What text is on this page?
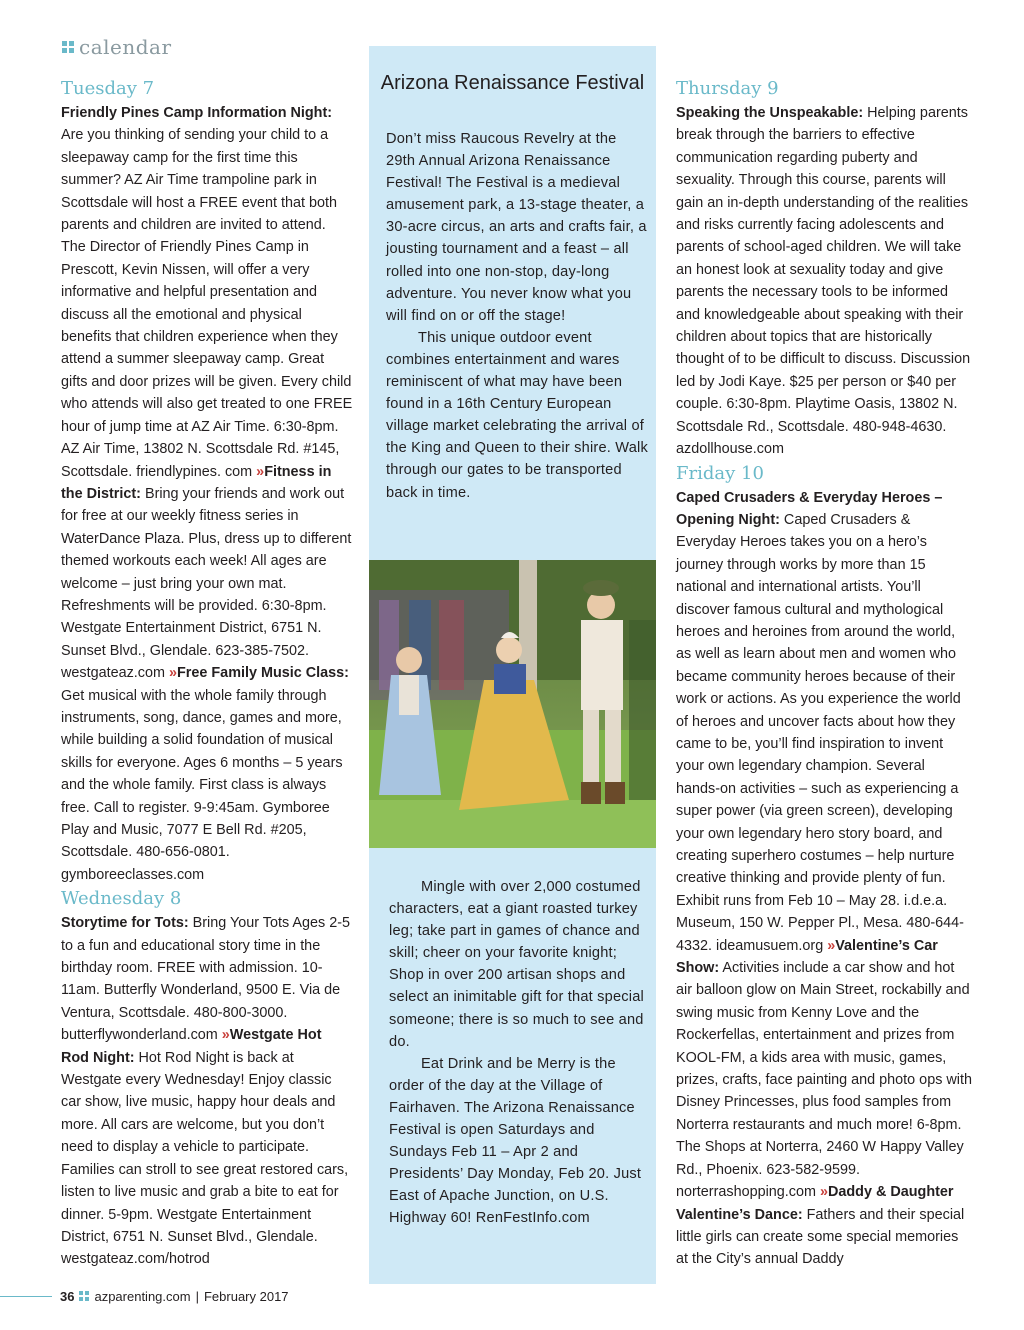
calendar
Tuesday 7

Friendly Pines Camp Information Night: Are you thinking of sending your child to a sleepaway camp for the first time this summer? AZ Air Time trampoline park in Scottsdale will host a FREE event that both parents and children are invited to attend. The Director of Friendly Pines Camp in Prescott, Kevin Nissen, will offer a very informative and helpful presentation and discuss all the emotional and physical benefits that children experience when they attend a summer sleepaway camp. Great gifts and door prizes will be given. Every child who attends will also get treated to one FREE hour of jump time at AZ Air Time. 6:30-8pm. AZ Air Time, 13802 N. Scottsdale Rd. #145, Scottsdale. friendlypines. com »Fitness in the District: Bring your friends and work out for free at our weekly fitness series in WaterDance Plaza. Plus, dress up to different themed workouts each week! All ages are welcome – just bring your own mat. Refreshments will be provided. 6:30-8pm. Westgate Entertainment District, 6751 N. Sunset Blvd., Glendale. 623-385-7502. westgateaz.com »Free Family Music Class: Get musical with the whole family through instruments, song, dance, games and more, while building a solid foundation of musical skills for everyone. Ages 6 months – 5 years and the whole family. First class is always free. Call to register. 9-9:45am. Gymboree Play and Music, 7077 E Bell Rd. #205, Scottsdale. 480-656-0801. gymboreeclasses.com

Wednesday 8

Storytime for Tots: Bring Your Tots Ages 2-5 to a fun and educational story time in the birthday room. FREE with admission. 10-11am. Butterfly Wonderland, 9500 E. Via de Ventura, Scottsdale. 480-800-3000. butterflywonderland.com »Westgate Hot Rod Night: Hot Rod Night is back at Westgate every Wednesday! Enjoy classic car show, live music, happy hour deals and more. All cars are welcome, but you don’t need to display a vehicle to participate. Families can stroll to see great restored cars, listen to live music and grab a bite to eat for dinner. 5-9pm. Westgate Entertainment District, 6751 N. Sunset Blvd., Glendale. westgateaz.com/hotrod

Arizona Renaissance Festival

Don’t miss Raucous Revelry at the 29th Annual Arizona Renaissance Festival! The Festival is a medieval amusement park, a 13-stage theater, a 30-acre circus, an arts and crafts fair, a jousting tournament and a feast – all rolled into one non-stop, day-long adventure. You never know what you will find on or off the stage!

This unique outdoor event combines entertainment and wares reminiscent of what may have been found in a 16th Century European village market celebrating the arrival of the King and Queen to their shire. Walk through our gates to be transported back in time.

Mingle with over 2,000 costumed characters, eat a giant roasted turkey leg; take part in games of chance and skill; cheer on your favorite knight; Shop in over 200 artisan shops and select an inimitable gift for that special someone; there is so much to see and do.

Eat Drink and be Merry is the order of the day at the Village of Fairhaven. The Arizona Renaissance Festival is open Saturdays and Sundays Feb 11 – Apr 2 and Presidents’ Day Monday, Feb 20. Just East of Apache Junction, on U.S. Highway 60! RenFestInfo.com

Thursday 9

Speaking the Unspeakable: Helping parents break through the barriers to effective communication regarding puberty and sexuality. Through this course, parents will gain an in-depth understanding of the realities and risks currently facing adolescents and parents of school-aged children. We will take an honest look at sexuality today and give parents the necessary tools to be informed and knowledgeable about speaking with their children about topics that are historically thought of to be difficult to discuss. Discussion led by Jodi Kaye. $25 per person or $40 per couple. 6:30-8pm. Playtime Oasis, 13802 N. Scottsdale Rd., Scottsdale. 480-948-4630. azdollhouse.com

Friday 10

Caped Crusaders & Everyday Heroes – Opening Night: Caped Crusaders & Everyday Heroes takes you on a hero’s journey through works by more than 15 national and international artists. You’ll discover famous cultural and mythological heroes and heroines from around the world, as well as learn about men and women who became community heroes because of their work or actions. As you experience the world of heroes and uncover facts about how they came to be, you’ll find inspiration to invent your own legendary champion. Several hands-on activities – such as experiencing a super power (via green screen), developing your own legendary hero story board, and creating superhero costumes – help nurture creative thinking and provide plenty of fun. Exhibit runs from Feb 10 – May 28. i.d.e.a. Museum, 150 W. Pepper Pl., Mesa. 480-644-4332. ideamusuem.org »Valentine’s Car Show: Activities include a car show and hot air balloon glow on Main Street, rockabilly and swing music from Kenny Love and the Rockerfellas, entertainment and prizes from KOOL-FM, a kids area with music, games, prizes, crafts, face painting and photo ops with Disney Princesses, plus food samples from Norterra restaurants and much more! 6-8pm. The Shops at Norterra, 2460 W Happy Valley Rd., Phoenix. 623-582-9599. norterrashopping.com »Daddy & Daughter Valentine’s Dance: Fathers and their special little girls can create some special memories at the City’s annual Daddy

36 azparenting.com | February 2017
